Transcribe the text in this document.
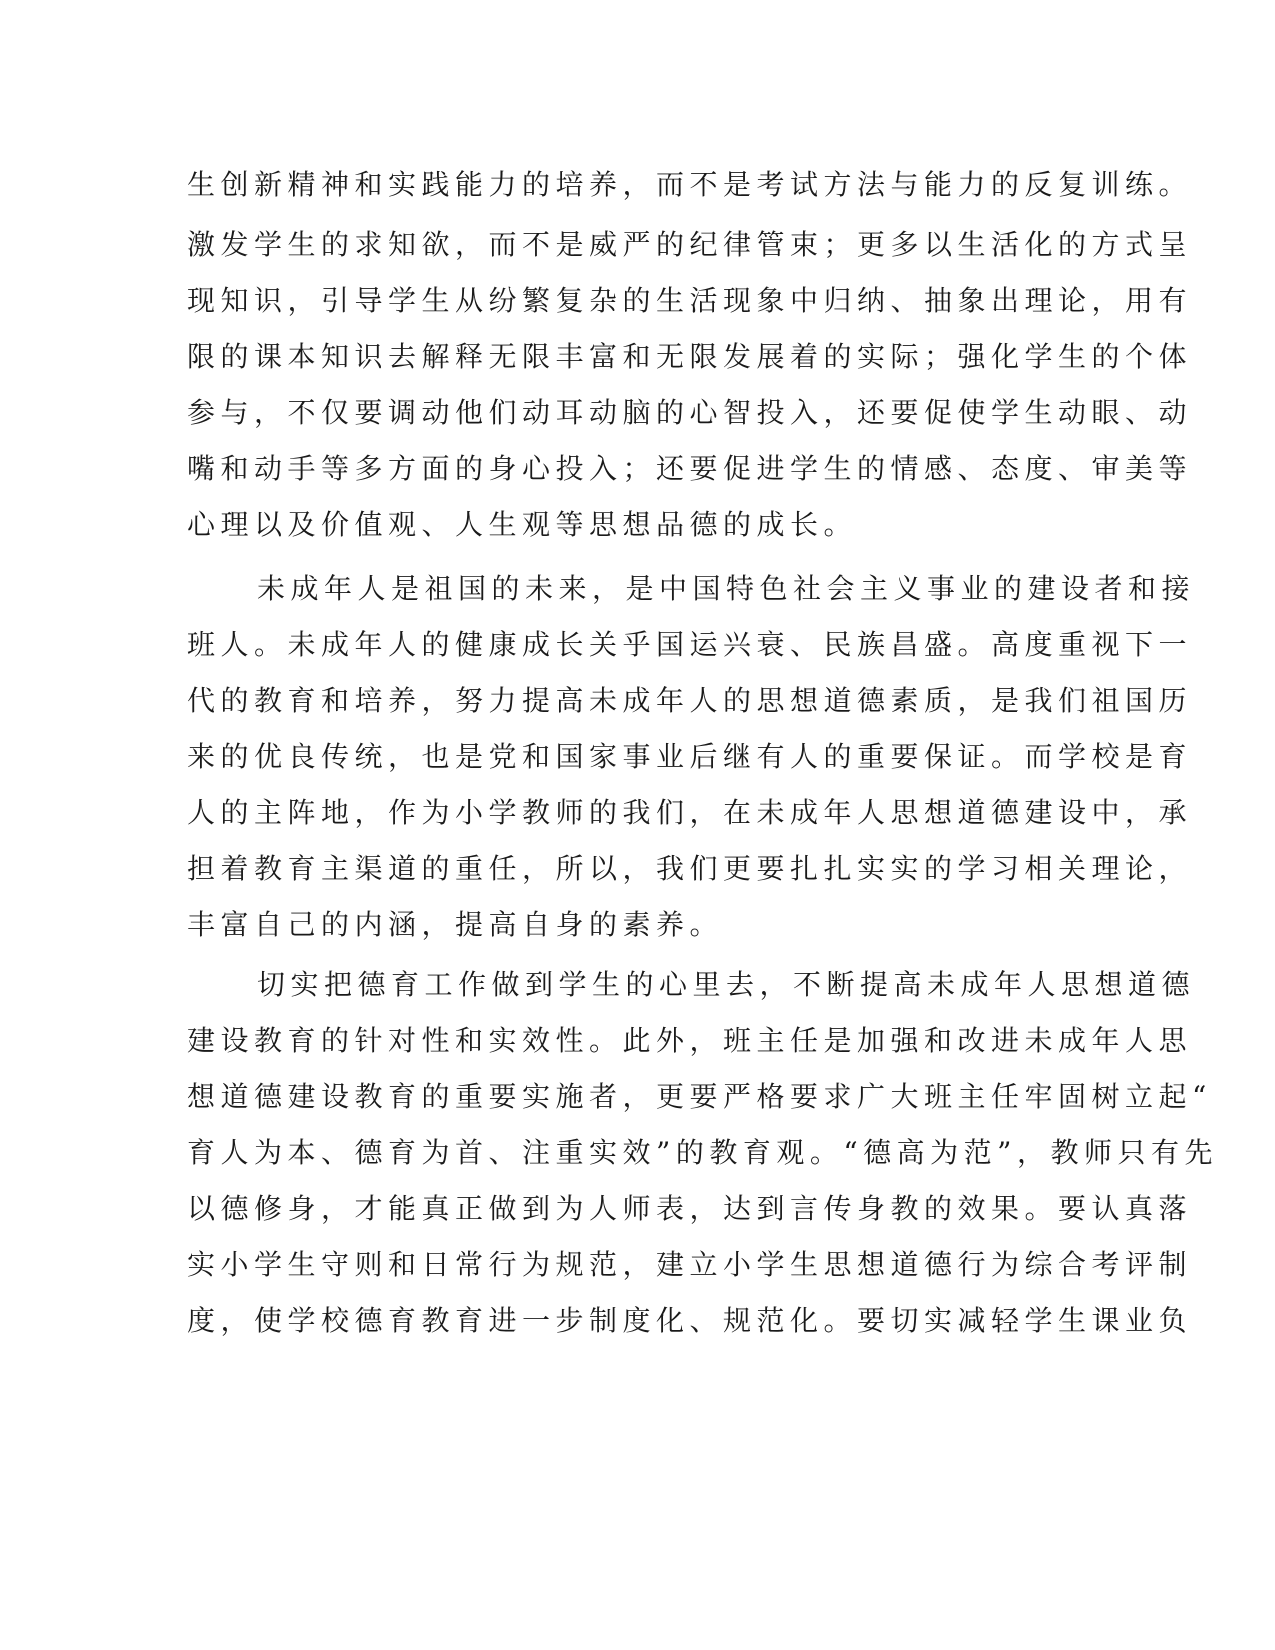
生创新精神和实践能力的培养，而不是考试方法与能力的反复训练。
激发学生的求知欲，而不是威严的纪律管束；更多以生活化的方式呈
现知识，引导学生从纷繁复杂的生活现象中归纳、抽象出理论，用有
限的课本知识去解释无限丰富和无限发展着的实际；强化学生的个体
参与，不仅要调动他们动耳动脑的心智投入，还要促使学生动眼、动
嘴和动手等多方面的身心投入；还要促进学生的情感、态度、审美等
心理以及价值观、人生观等思想品德的成长。
未成年人是祖国的未来，是中国特色社会主义事业的建设者和接
班人。未成年人的健康成长关乎国运兴衰、民族昌盛。高度重视下一
代的教育和培养，努力提高未成年人的思想道德素质，是我们祖国历
来的优良传统，也是党和国家事业后继有人的重要保证。而学校是育
人的主阵地，作为小学教师的我们，在未成年人思想道德建设中，承
担着教育主渠道的重任，所以，我们更要扎扎实实的学习相关理论，
丰富自己的内涵，提高自身的素养。
切实把德育工作做到学生的心里去，不断提高未成年人思想道德
建设教育的针对性和实效性。此外，班主任是加强和改进未成年人思
想道德建设教育的重要实施者，更要严格要求广大班主任牢固树立起“
育人为本、德育为首、注重实效”的教育观。“德高为范”，教师只有先
以德修身，才能真正做到为人师表，达到言传身教的效果。要认真落
实小学生守则和日常行为规范，建立小学生思想道德行为综合考评制
度，使学校德育教育进一步制度化、规范化。要切实减轻学生课业负
